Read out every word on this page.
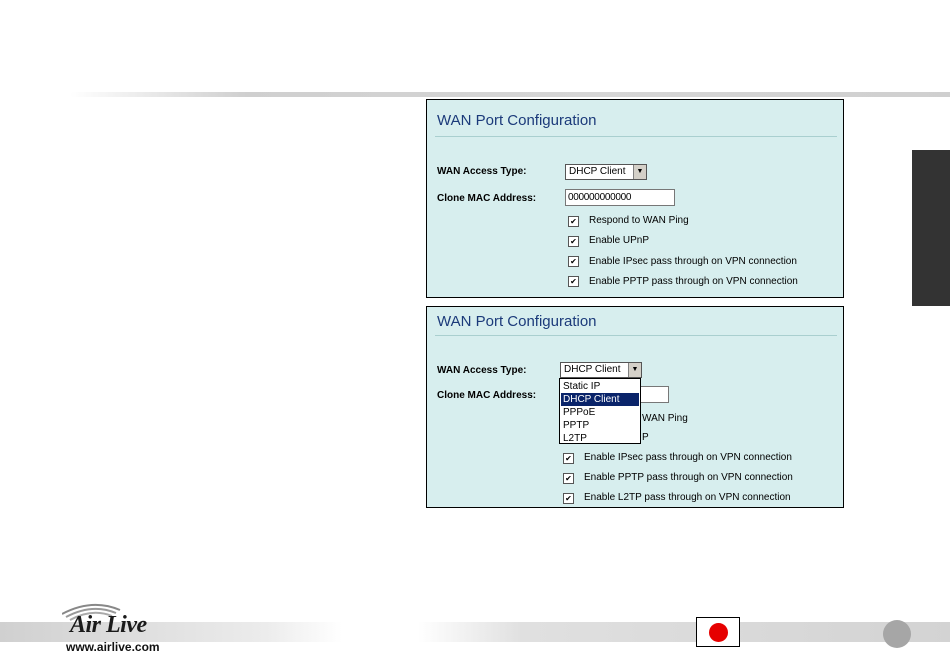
WAN Port Configuration
WAN Access Type:	DHCP Client	▼
Clone MAC Address:	000000000000
✔ Respond to WAN Ping
✔ Enable UPnP
✔ Enable IPsec pass through on VPN connection
✔ Enable PPTP pass through on VPN connection
WAN Port Configuration
WAN Access Type:	DHCP Client	▼
Clone MAC Address:
WAN Ping
P
✔ Enable IPsec pass through on VPN connection
✔ Enable PPTP pass through on VPN connection
✔ Enable L2TP pass through on VPN connection
Static IP
DHCP Client
PPPoE
PPTP
L2TP
Air Live
www.airlive.com
